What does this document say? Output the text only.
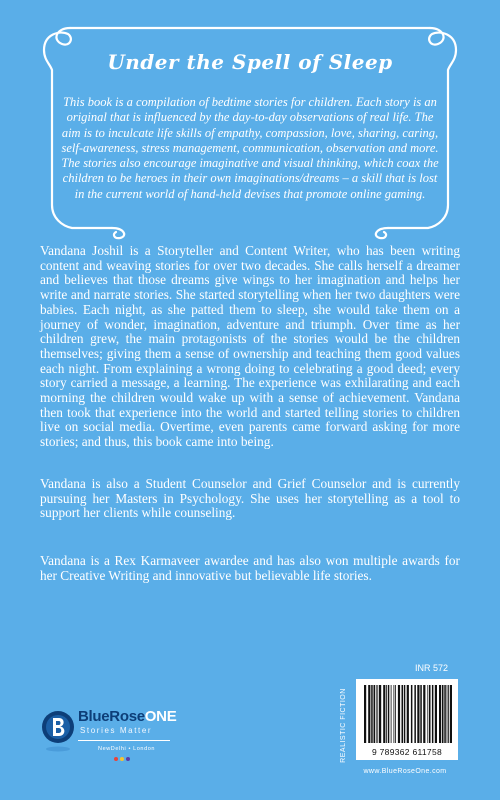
Under the Spell of Sleep
This book is a compilation of bedtime stories for children. Each story is an original that is influenced by the day-to-day observations of real life. The aim is to inculcate life skills of empathy, compassion, love, sharing, caring, self-awareness, stress management, communication, observation and more. The stories also encourage imaginative and visual thinking, which coax the children to be heroes in their own imaginations/dreams – a skill that is lost in the current world of hand-held devises that promote online gaming.

Vandana Joshil is a Storyteller and Content Writer, who has been writing content and weaving stories for over two decades. She calls herself a dreamer and believes that those dreams give wings to her imagination and helps her write and narrate stories. She started storytelling when her two daughters were babies. Each night, as she patted them to sleep, she would take them on a journey of wonder, imagination, adventure and triumph. Over time as her children grew, the main protagonists of the stories would be the children themselves; giving them a sense of ownership and teaching them good values each night. From explaining a wrong doing to celebrating a good deed; every story carried a message, a learning. The experience was exhilarating and each morning the children would wake up with a sense of achievement. Vandana then took that experience into the world and started telling stories to children live on social media. Overtime, even parents came forward asking for more stories; and thus, this book came into being.

Vandana is also a Student Counselor and Grief Counselor and is currently pursuing her Masters in Psychology. She uses her storytelling as a tool to support her clients while counseling.

Vandana is a Rex Karmaveer awardee and has also won multiple awards for her Creative Writing and innovative but believable life stories.

INR 572
REALISTIC FICTION	9 789362 611758
www.BlueRoseOne.com
BlueRoseONE
Stories Matter
NewDelhi • London
